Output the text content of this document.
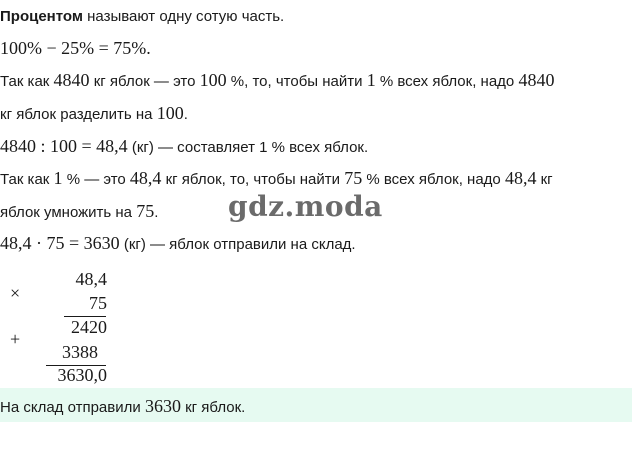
Процентом называют одну сотую часть.
100% − 25% = 75%.
Так как 4840 кг яблок — это 100 %, то, чтобы найти 1 % всех яблок, надо 4840
кг яблок разделить на 100.
4840 : 100 = 48,4 (кг) — составляет 1 % всех яблок.
Так как 1 % — это 48,4 кг яблок, то, чтобы найти 75 % всех яблок, надо 48,4 кг
яблок умножить на 75. gdz.moda
48,4 · 75 = 3630 (кг) — яблок отправили на склад.
×
48,4
75
2420
+
3388
3630,0
На склад отправили 3630 кг яблок.
